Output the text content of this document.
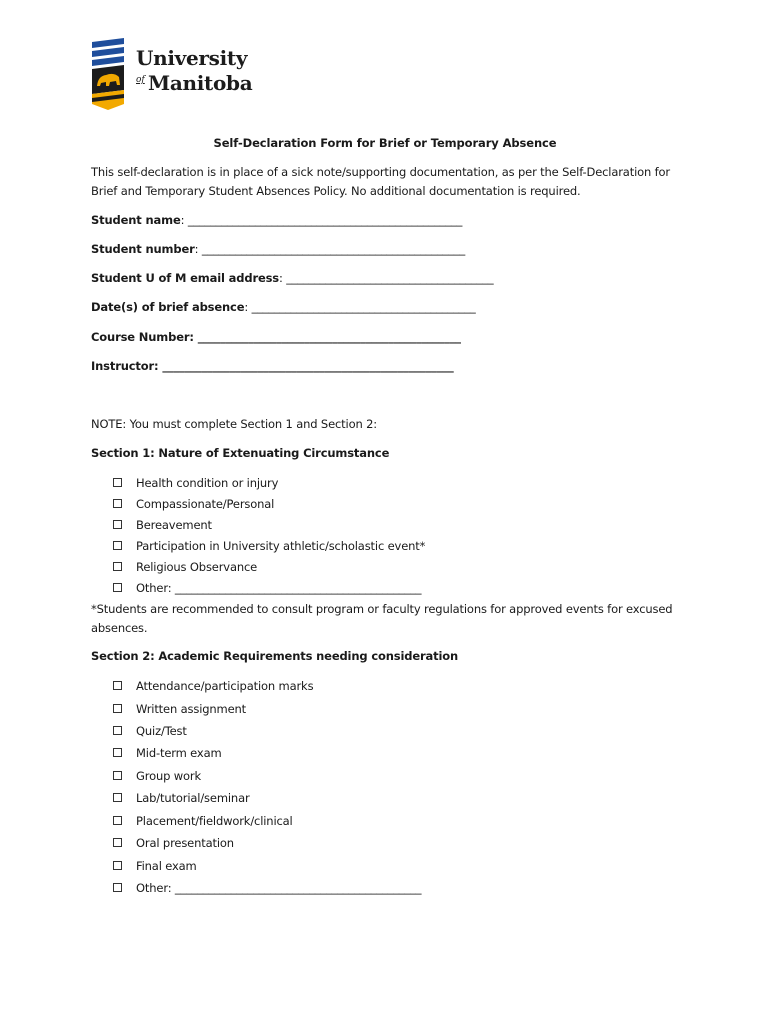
University
of Manitoba
Self-Declaration Form for Brief or Temporary Absence
This self-declaration is in place of a sick note/supporting documentation, as per the Self-Declaration for Brief and Temporary Student Absences Policy. No additional documentation is required.
Student name: _________________________________________________
Student number: _______________________________________________
Student U of M email address: _____________________________________
Date(s) of brief absence: ________________________________________
Course Number: _______________________________________________
Instructor: ____________________________________________________
NOTE: You must complete Section 1 and Section 2:
Section 1: Nature of Extenuating Circumstance
Health condition or injury
Compassionate/Personal
Bereavement
Participation in University athletic/scholastic event*
Religious Observance
Other: ____________________________________________
*Students are recommended to consult program or faculty regulations for approved events for excused absences.
Section 2: Academic Requirements needing consideration
Attendance/participation marks
Written assignment
Quiz/Test
Mid-term exam
Group work
Lab/tutorial/seminar
Placement/fieldwork/clinical
Oral presentation
Final exam
Other: ____________________________________________
